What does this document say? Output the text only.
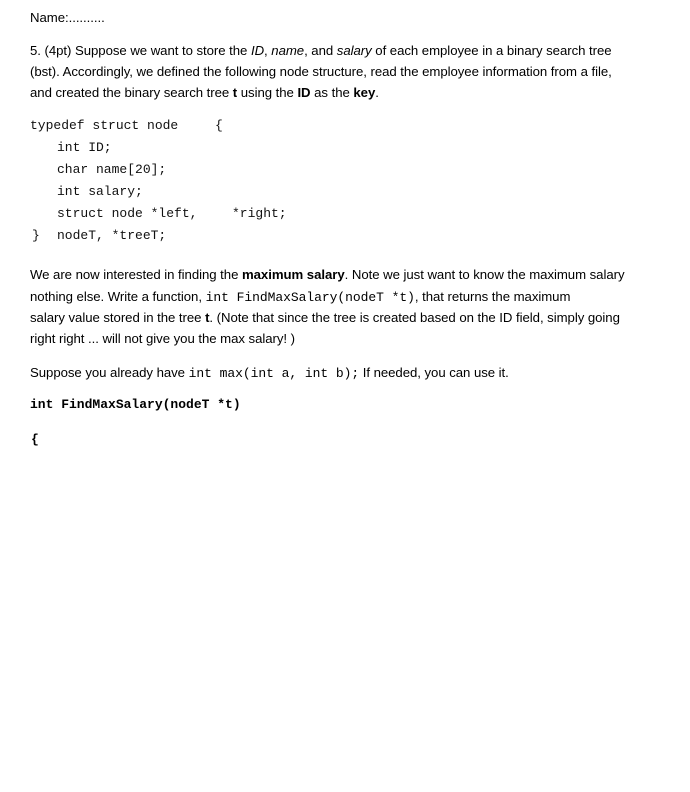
Name:..........
5. (4pt) Suppose we want to store the ID, name, and salary of each employee in a binary search tree
(bst). Accordingly, we defined the following node structure, read the employee information from a file,
and created the binary search tree t using the ID as the key.
typedef struct node	{
int ID;
char name[20];
int salary;
struct node *left,	*right;
} nodeT, *treeT;
We are now interested in finding the maximum salary. Note we just want to know the maximum salary
nothing else. Write a function, int FindMaxSalary(nodeT *t), that returns the maximum
salary value stored in the tree t. (Note that since the tree is created based on the ID field, simply going
right right ... will not give you the max salary! )
Suppose you already have int max(int a, int b); If needed, you can use it.
int FindMaxSalary(nodeT *t)
{
